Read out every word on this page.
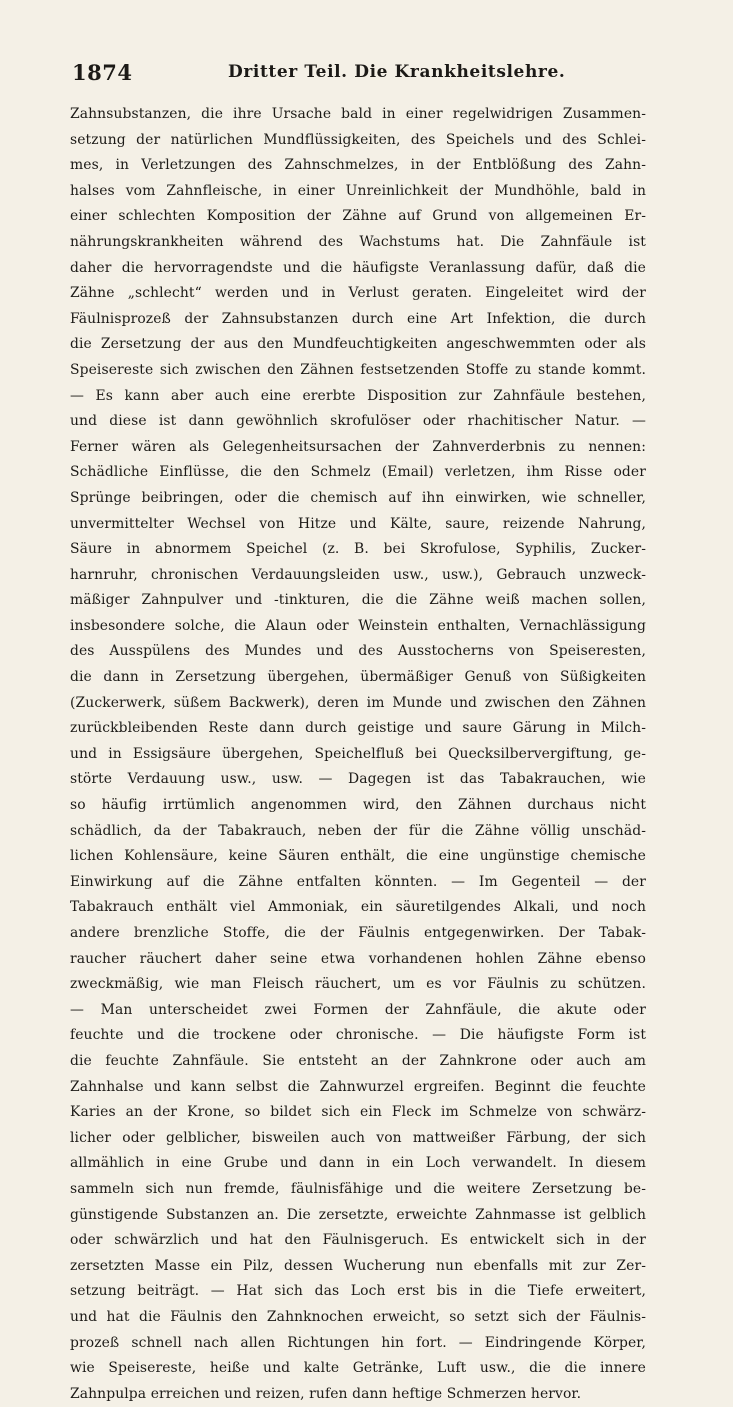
1874	Dritter Teil. Die Krankheitslehre.
Zahnsubstanzen, die ihre Ursache bald in einer regelwidrigen Zusammen-
setzung der natürlichen Mundflüssigkeiten, des Speichels und des Schlei-
mes, in Verletzungen des Zahnschmelzes, in der Entblößung des Zahn-
halses vom Zahnfleische, in einer Unreinlichkeit der Mundhöhle, bald in
einer schlechten Komposition der Zähne auf Grund von allgemeinen Er-
nährungskrankheiten während des Wachstums hat. Die Zahnfäule ist
daher die hervorragendste und die häufigste Veranlassung dafür, daß die
Zähne „schlecht“ werden und in Verlust geraten. Eingeleitet wird der
Fäulnisprozeß der Zahnsubstanzen durch eine Art Infektion, die durch
die Zersetzung der aus den Mundfeuchtigkeiten angeschwemmten oder als
Speisereste sich zwischen den Zähnen festsetzenden Stoffe zu stande kommt.
— Es kann aber auch eine ererbte Disposition zur Zahnfäule bestehen,
und diese ist dann gewöhnlich skrofulöser oder rhachitischer Natur. —
Ferner wären als Gelegenheitsursachen der Zahnverderbnis zu nennen:
Schädliche Einflüsse, die den Schmelz (Email) verletzen, ihm Risse oder
Sprünge beibringen, oder die chemisch auf ihn einwirken, wie schneller,
unvermittelter Wechsel von Hitze und Kälte, saure, reizende Nahrung,
Säure in abnormem Speichel (z. B. bei Skrofulose, Syphilis, Zucker-
harnruhr, chronischen Verdauungsleiden usw., usw.), Gebrauch unzweck-
mäßiger Zahnpulver und -tinkturen, die die Zähne weiß machen sollen,
insbesondere solche, die Alaun oder Weinstein enthalten, Vernachlässigung
des Ausspülens des Mundes und des Ausstocherns von Speiseresten,
die dann in Zersetzung übergehen, übermäßiger Genuß von Süßigkeiten
(Zuckerwerk, süßem Backwerk), deren im Munde und zwischen den Zähnen
zurückbleibenden Reste dann durch geistige und saure Gärung in Milch-
und in Essigsäure übergehen, Speichelfluß bei Quecksilbervergiftung, ge-
störte Verdauung usw., usw. — Dagegen ist das Tabakrauchen, wie
so häufig irrtümlich angenommen wird, den Zähnen durchaus nicht
schädlich, da der Tabakrauch, neben der für die Zähne völlig unschäd-
lichen Kohlensäure, keine Säuren enthält, die eine ungünstige chemische
Einwirkung auf die Zähne entfalten könnten. — Im Gegenteil — der
Tabakrauch enthält viel Ammoniak, ein säuretilgendes Alkali, und noch
andere brenzliche Stoffe, die der Fäulnis entgegenwirken. Der Tabak-
raucher räuchert daher seine etwa vorhandenen hohlen Zähne ebenso
zweckmäßig, wie man Fleisch räuchert, um es vor Fäulnis zu schützen.
— Man unterscheidet zwei Formen der Zahnfäule, die akute oder
feuchte und die trockene oder chronische. — Die häufigste Form ist
die feuchte Zahnfäule. Sie entsteht an der Zahnkrone oder auch am
Zahnhalse und kann selbst die Zahnwurzel ergreifen. Beginnt die feuchte
Karies an der Krone, so bildet sich ein Fleck im Schmelze von schwärz-
licher oder gelblicher, bisweilen auch von mattweißer Färbung, der sich
allmählich in eine Grube und dann in ein Loch verwandelt. In diesem
sammeln sich nun fremde, fäulnisfähige und die weitere Zersetzung be-
günstigende Substanzen an. Die zersetzte, erweichte Zahnmasse ist gelblich
oder schwärzlich und hat den Fäulnisgeruch. Es entwickelt sich in der
zersetzten Masse ein Pilz, dessen Wucherung nun ebenfalls mit zur Zer-
setzung beiträgt. — Hat sich das Loch erst bis in die Tiefe erweitert,
und hat die Fäulnis den Zahnknochen erweicht, so setzt sich der Fäulnis-
prozeß schnell nach allen Richtungen hin fort. — Eindringende Körper,
wie Speisereste, heiße und kalte Getränke, Luft usw., die die innere
Zahnpulpa erreichen und reizen, rufen dann heftige Schmerzen hervor.
